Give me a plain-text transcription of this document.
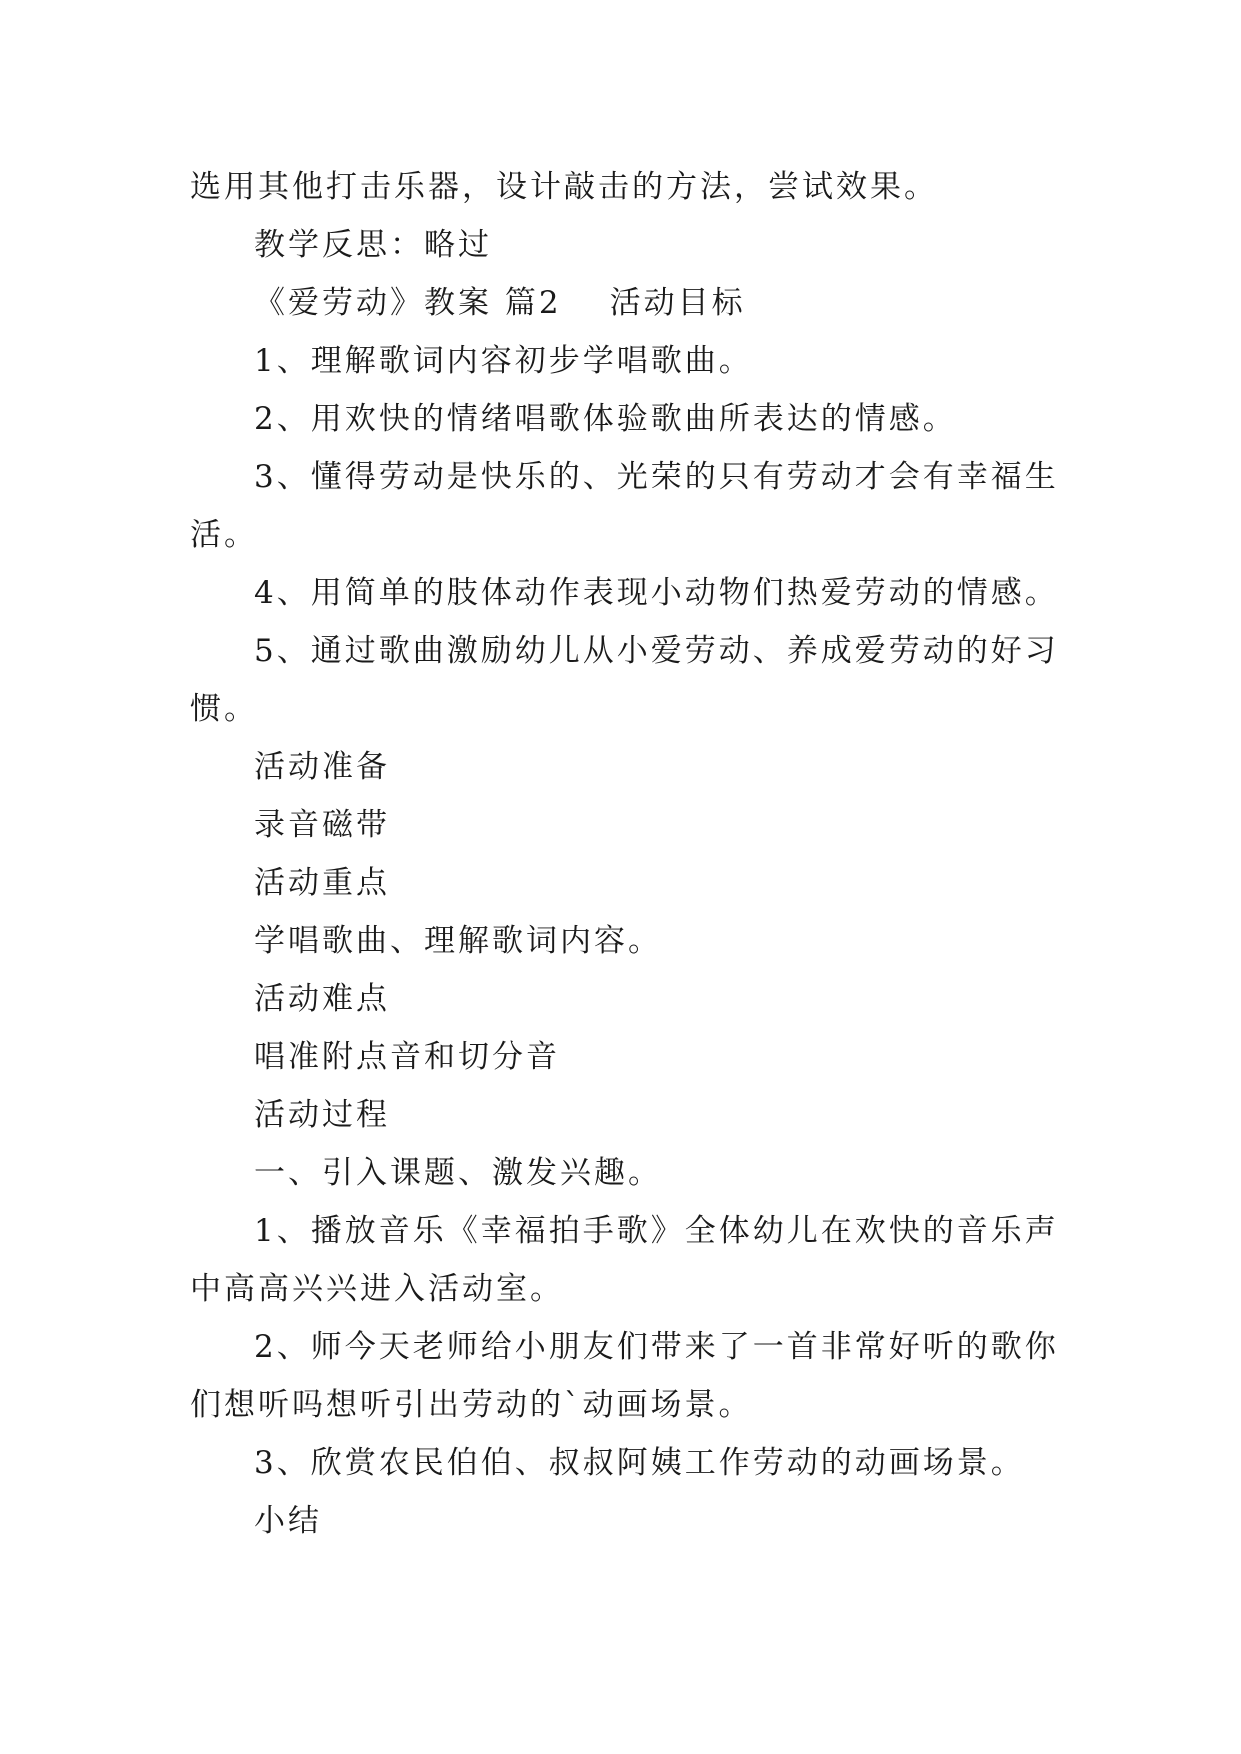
选用其他打击乐器，设计敲击的方法，尝试效果。
教学反思：略过
《爱劳动》教案 篇2 活动目标
1、理解歌词内容初步学唱歌曲。
2、用欢快的情绪唱歌体验歌曲所表达的情感。
3、懂得劳动是快乐的、光荣的只有劳动才会有幸福生
活。
4、用简单的肢体动作表现小动物们热爱劳动的情感。
5、通过歌曲激励幼儿从小爱劳动、养成爱劳动的好习
惯。
活动准备
录音磁带
活动重点
学唱歌曲、理解歌词内容。
活动难点
唱准附点音和切分音
活动过程
一、引入课题、激发兴趣。
1、播放音乐《幸福拍手歌》全体幼儿在欢快的音乐声
中高高兴兴进入活动室。
2、师今天老师给小朋友们带来了一首非常好听的歌你
们想听吗想听引出劳动的`动画场景。
3、欣赏农民伯伯、叔叔阿姨工作劳动的动画场景。
小结
